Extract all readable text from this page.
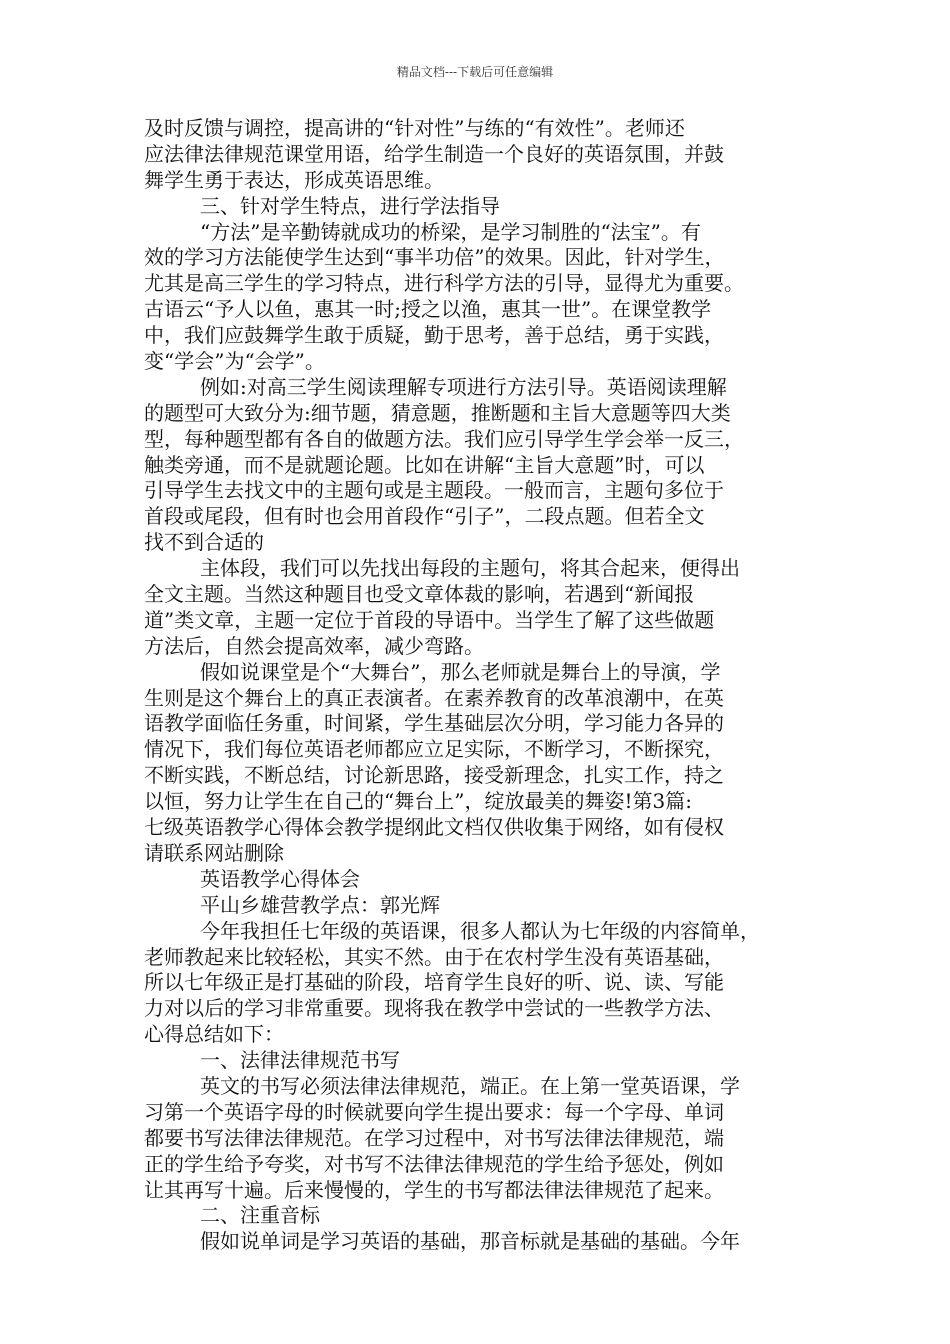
精品文档---下载后可任意编辑
及时反馈与调控，提高讲的“针对性”与练的“有效性”。老师还
应法律法律规范课堂用语，给学生制造一个良好的英语氛围，并鼓
舞学生勇于表达，形成英语思维。
三、针对学生特点，进行学法指导
“方法”是辛勤铸就成功的桥梁，是学习制胜的“法宝”。有
效的学习方法能使学生达到“事半功倍”的效果。因此，针对学生，
尤其是高三学生的学习特点，进行科学方法的引导，显得尤为重要。
古语云“予人以鱼，惠其一时;授之以渔，惠其一世”。在课堂教学
中，我们应鼓舞学生敢于质疑，勤于思考，善于总结，勇于实践，
变“学会”为“会学”。
例如:对高三学生阅读理解专项进行方法引导。英语阅读理解
的题型可大致分为:细节题，猜意题，推断题和主旨大意题等四大类
型，每种题型都有各自的做题方法。我们应引导学生学会举一反三，
触类旁通，而不是就题论题。比如在讲解“主旨大意题”时，可以
引导学生去找文中的主题句或是主题段。一般而言，主题句多位于
首段或尾段，但有时也会用首段作“引子”，二段点题。但若全文
找不到合适的
主体段，我们可以先找出每段的主题句，将其合起来，便得出
全文主题。当然这种题目也受文章体裁的影响，若遇到“新闻报
道”类文章，主题一定位于首段的导语中。当学生了解了这些做题
方法后，自然会提高效率，减少弯路。
假如说课堂是个“大舞台”，那么老师就是舞台上的导演，学
生则是这个舞台上的真正表演者。在素养教育的改革浪潮中，在英
语教学面临任务重，时间紧，学生基础层次分明，学习能力各异的
情况下，我们每位英语老师都应立足实际，不断学习，不断探究，
不断实践，不断总结，讨论新思路，接受新理念，扎实工作，持之
以恒，努力让学生在自己的“舞台上”，绽放最美的舞姿!第3篇:
七级英语教学心得体会教学提纲此文档仅供收集于网络，如有侵权
请联系网站删除
英语教学心得体会
平山乡雄营教学点：郭光辉
今年我担任七年级的英语课，很多人都认为七年级的内容简单，
老师教起来比较轻松，其实不然。由于在农村学生没有英语基础，
所以七年级正是打基础的阶段，培育学生良好的听、说、读、写能
力对以后的学习非常重要。现将我在教学中尝试的一些教学方法、
心得总结如下：
一、法律法律规范书写
英文的书写必须法律法律规范，端正。在上第一堂英语课，学
习第一个英语字母的时候就要向学生提出要求：每一个字母、单词
都要书写法律法律规范。在学习过程中，对书写法律法律规范，端
正的学生给予夸奖，对书写不法律法律规范的学生给予惩处，例如
让其再写十遍。后来慢慢的，学生的书写都法律法律规范了起来。
二、注重音标
假如说单词是学习英语的基础，那音标就是基础的基础。今年
